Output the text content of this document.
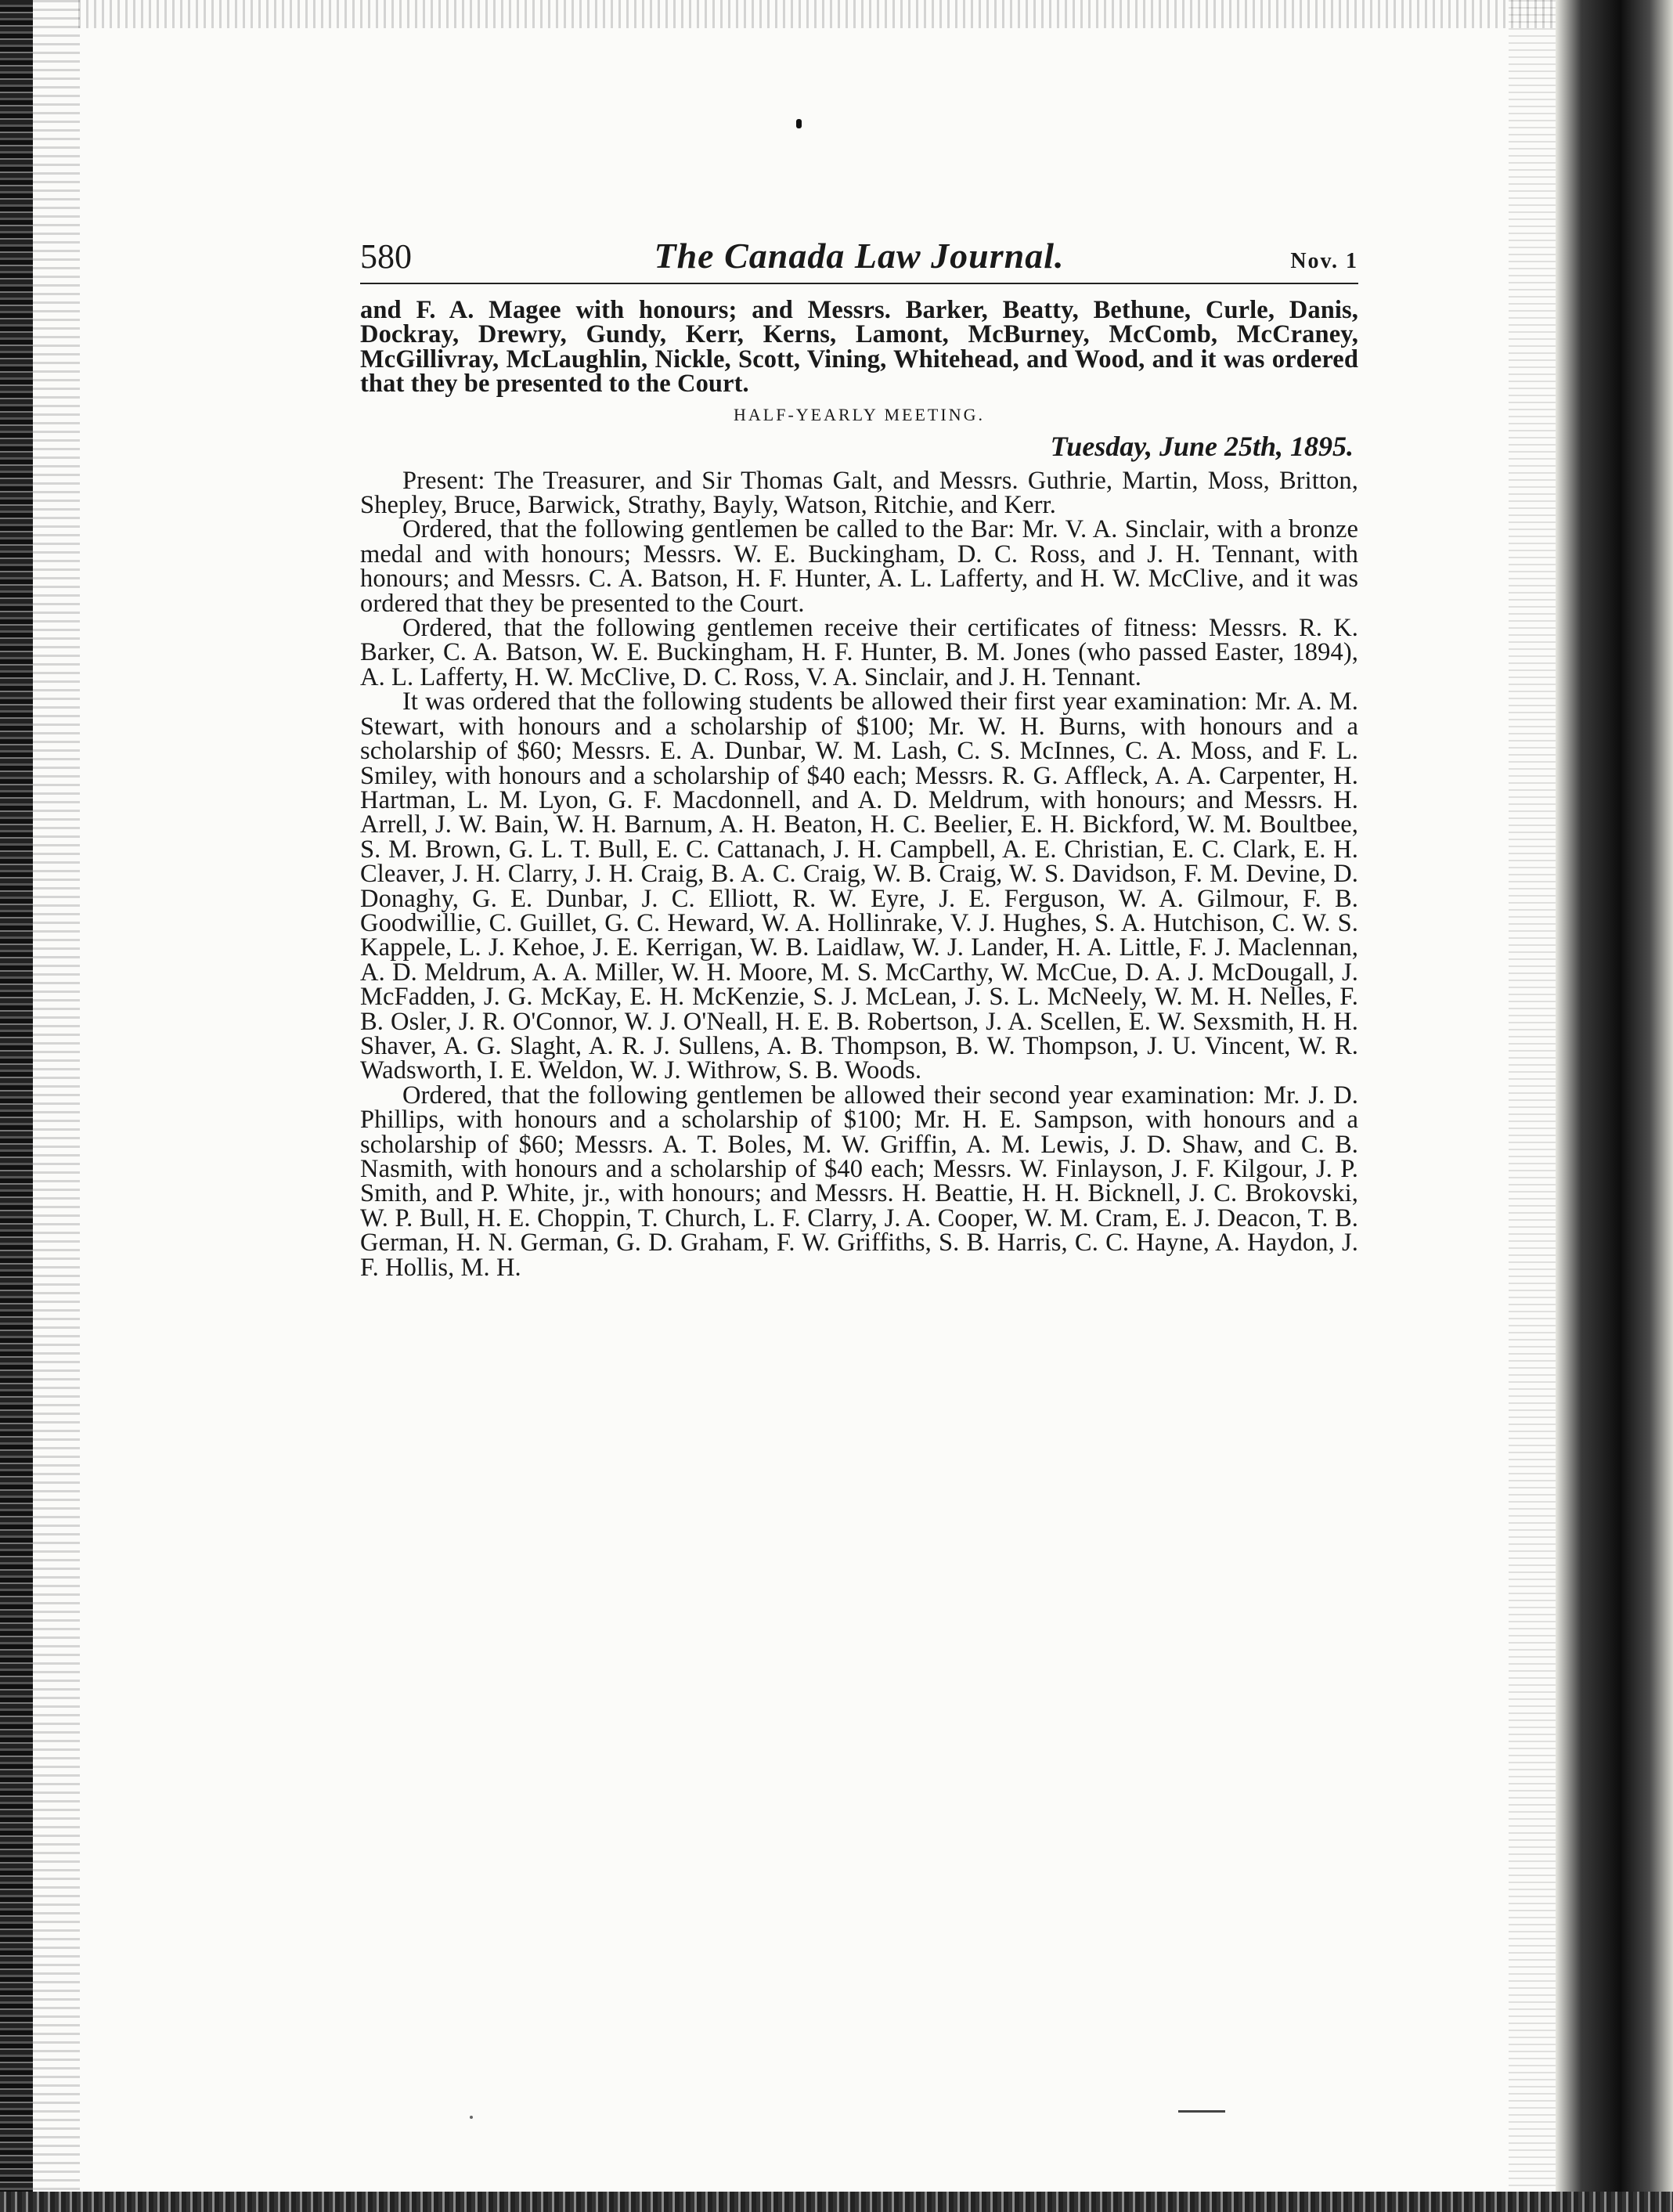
580	The Canada Law Journal.	Nov. 1

and F. A. Magee with honours; and Messrs. Barker, Beatty, Bethune, Curle, Danis, Dockray, Drewry, Gundy, Kerr, Kerns, Lamont, McBurney, McComb, McCraney, McGillivray, McLaughlin, Nickle, Scott, Vining, Whitehead, and Wood, and it was ordered that they be presented to the Court.

HALF-YEARLY MEETING.
Tuesday, June 25th, 1895.

Present: The Treasurer, and Sir Thomas Galt, and Messrs. Guthrie, Martin, Moss, Britton, Shepley, Bruce, Barwick, Strathy, Bayly, Watson, Ritchie, and Kerr.

Ordered, that the following gentlemen be called to the Bar: Mr. V. A. Sinclair, with a bronze medal and with honours; Messrs. W. E. Buckingham, D. C. Ross, and J. H. Tennant, with honours; and Messrs. C. A. Batson, H. F. Hunter, A. L. Lafferty, and H. W. McClive, and it was ordered that they be presented to the Court.

Ordered, that the following gentlemen receive their certificates of fitness: Messrs. R. K. Barker, C. A. Batson, W. E. Buckingham, H. F. Hunter, B. M. Jones (who passed Easter, 1894), A. L. Lafferty, H. W. McClive, D. C. Ross, V. A. Sinclair, and J. H. Tennant.

It was ordered that the following students be allowed their first year examination: Mr. A. M. Stewart, with honours and a scholarship of $100; Mr. W. H. Burns, with honours and a scholarship of $60; Messrs. E. A. Dunbar, W. M. Lash, C. S. McInnes, C. A. Moss, and F. L. Smiley, with honours and a scholarship of $40 each; Messrs. R. G. Affleck, A. A. Carpenter, H. Hartman, L. M. Lyon, G. F. Macdonnell, and A. D. Meldrum, with honours; and Messrs. H. Arrell, J. W. Bain, W. H. Barnum, A. H. Beaton, H. C. Beelier, E. H. Bickford, W. M. Boultbee, S. M. Brown, G. L. T. Bull, E. C. Cattanach, J. H. Campbell, A. E. Christian, E. C. Clark, E. H. Cleaver, J. H. Clarry, J. H. Craig, B. A. C. Craig, W. B. Craig, W. S. Davidson, F. M. Devine, D. Donaghy, G. E. Dunbar, J. C. Elliott, R. W. Eyre, J. E. Ferguson, W. A. Gilmour, F. B. Goodwillie, C. Guillet, G. C. Heward, W. A. Hollinrake, V. J. Hughes, S. A. Hutchison, C. W. S. Kappele, L. J. Kehoe, J. E. Kerrigan, W. B. Laidlaw, W. J. Lander, H. A. Little, F. J. Maclennan, A. D. Meldrum, A. A. Miller, W. H. Moore, M. S. McCarthy, W. McCue, D. A. J. McDougall, J. McFadden, J. G. McKay, E. H. McKenzie, S. J. McLean, J. S. L. McNeely, W. M. H. Nelles, F. B. Osler, J. R. O'Connor, W. J. O'Neall, H. E. B. Robertson, J. A. Scellen, E. W. Sexsmith, H. H. Shaver, A. G. Slaght, A. R. J. Sullens, A. B. Thompson, B. W. Thompson, J. U. Vincent, W. R. Wadsworth, I. E. Weldon, W. J. Withrow, S. B. Woods.

Ordered, that the following gentlemen be allowed their second year examination: Mr. J. D. Phillips, with honours and a scholarship of $100; Mr. H. E. Sampson, with honours and a scholarship of $60; Messrs. A. T. Boles, M. W. Griffin, A. M. Lewis, J. D. Shaw, and C. B. Nasmith, with honours and a scholarship of $40 each; Messrs. W. Finlayson, J. F. Kilgour, J. P. Smith, and P. White, jr., with honours; and Messrs. H. Beattie, H. H. Bicknell, J. C. Brokovski, W. P. Bull, H. E. Choppin, T. Church, L. F. Clarry, J. A. Cooper, W. M. Cram, E. J. Deacon, T. B. German, H. N. German, G. D. Graham, F. W. Griffiths, S. B. Harris, C. C. Hayne, A. Haydon, J. F. Hollis, M. H.
